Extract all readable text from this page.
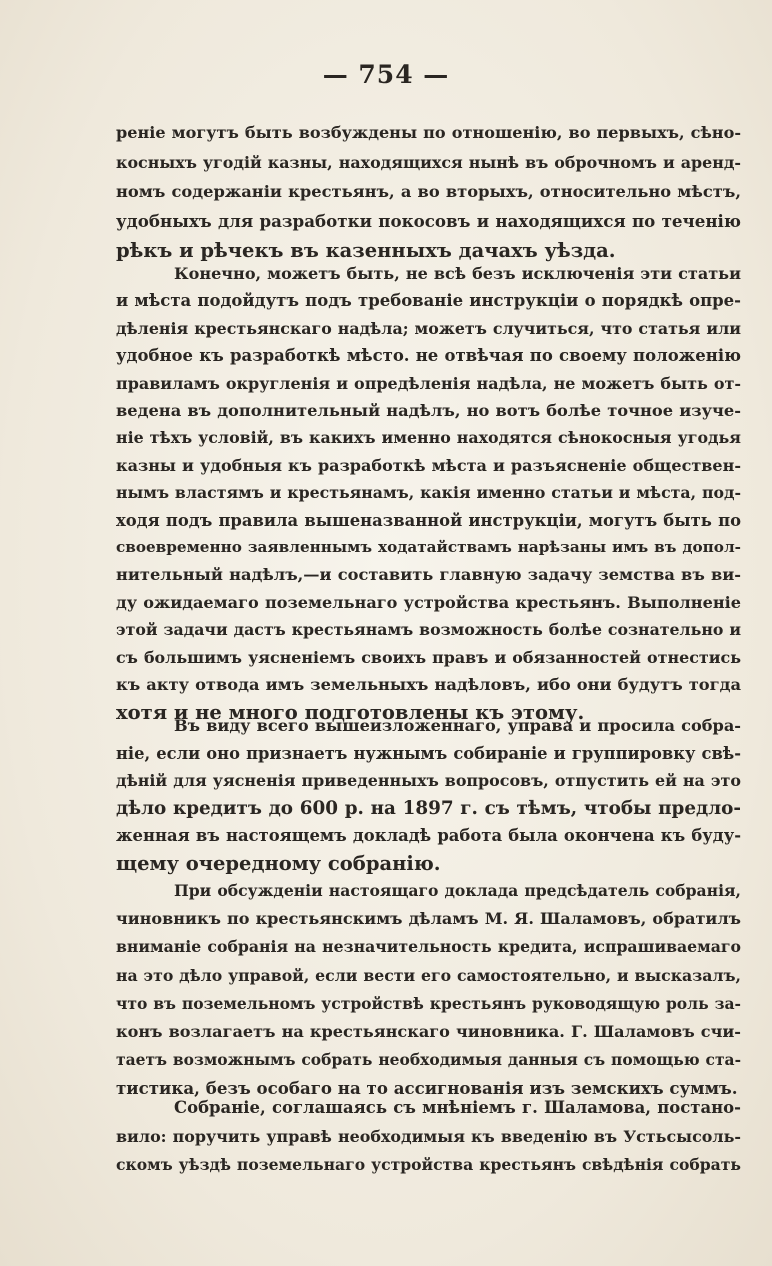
— 754 —
реніе могутъ быть возбуждены по отношенію, во первыхъ, сѣно-
косныхъ угодій казны, находящихся нынѣ въ оброчномъ и аренд-
номъ содержаніи крестьянъ, а во вторыхъ, относительно мѣстъ,
удобныхъ для разработки покосовъ и находящихся по теченію
рѣкъ и рѣчекъ въ казенныхъ дачахъ уѣзда.
Конечно, можетъ быть, не всѣ безъ исключенія эти статьи
и мѣста подойдутъ подъ требованіе инструкціи о порядкѣ опре-
дѣленія крестьянскаго надѣла; можетъ случиться, что статья или
удобное къ разработкѣ мѣсто. не отвѣчая по своему положенію
правиламъ округленія и опредѣленія надѣла, не можетъ быть от-
ведена въ дополнительный надѣлъ, но вотъ болѣе точное изуче-
ніе тѣхъ условій, въ какихъ именно находятся сѣнокосныя угодья
казны и удобныя къ разработкѣ мѣста и разъясненіе обществен-
нымъ властямъ и крестьянамъ, какія именно статьи и мѣста, под-
ходя подъ правила вышеназванной инструкціи, могутъ быть по
своевременно заявленнымъ ходатайствамъ нарѣзаны имъ въ допол-
нительный надѣлъ,—и составить главную задачу земства въ ви-
ду ожидаемаго поземельнаго устройства крестьянъ. Выполненіе
этой задачи дастъ крестьянамъ возможность болѣе сознательно и
съ большимъ уясненіемъ своихъ правъ и обязанностей отнестись
къ акту отвода имъ земельныхъ надѣловъ, ибо они будутъ тогда
хотя и не много подготовлены къ этому.
Въ виду всего вышеизложеннаго, управа и просила собра-
ніе, если оно признаетъ нужнымъ собираніе и группировку свѣ-
дѣній для уясненія приведенныхъ вопросовъ, отпустить ей на это
дѣло кредитъ до 600 р. на 1897 г. съ тѣмъ, чтобы предло-
женная въ настоящемъ докладѣ работа была окончена къ буду-
щему очередному собранію.
При обсужденіи настоящаго доклада предсѣдатель собранія,
чиновникъ по крестьянскимъ дѣламъ М. Я. Шаламовъ, обратилъ
вниманіе собранія на незначительность кредита, испрашиваемаго
на это дѣло управой, если вести его самостоятельно, и высказалъ,
что въ поземельномъ устройствѣ крестьянъ руководящую роль за-
конъ возлагаетъ на крестьянскаго чиновника. Г. Шаламовъ счи-
таетъ возможнымъ собрать необходимыя данныя съ помощью ста-
тистика, безъ особаго на то ассигнованія изъ земскихъ суммъ.
Собраніе, соглашаясь съ мнѣніемъ г. Шаламова, постано-
вило: поручить управѣ необходимыя къ введенію въ Устьсысоль-
скомъ уѣздѣ поземельнаго устройства крестьянъ свѣдѣнія собрать
